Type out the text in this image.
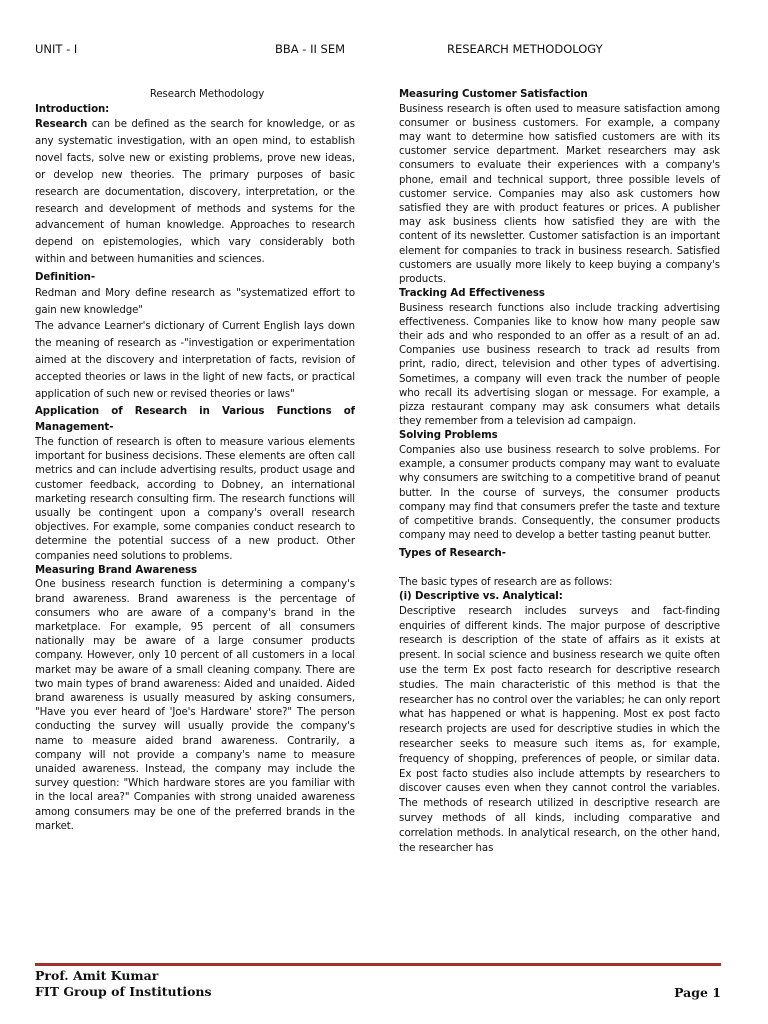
UNIT - I	BBA - II SEM	RESEARCH METHODOLOGY
Research Methodology
Introduction:

Research can be defined as the search for knowledge, or as any systematic investigation, with an open mind, to establish novel facts, solve new or existing problems, prove new ideas, or develop new theories. The primary purposes of basic research are documentation, discovery, interpretation, or the research and development of methods and systems for the advancement of human knowledge. Approaches to research depend on epistemologies, which vary considerably both within and between humanities and sciences.

Definition-

Redman and Mory define research as "systematized effort to gain new knowledge"

The advance Learner's dictionary of Current English lays down the meaning of research as -"investigation or experimentation aimed at the discovery and interpretation of facts, revision of accepted theories or laws in the light of new facts, or practical application of such new or revised theories or laws"

Application of Research in Various Functions of Management-

The function of research is often to measure various elements important for business decisions. These elements are often call metrics and can include advertising results, product usage and customer feedback, according to Dobney, an international marketing research consulting firm. The research functions will usually be contingent upon a company's overall research objectives. For example, some companies conduct research to determine the potential success of a new product. Other companies need solutions to problems.

Measuring Brand Awareness

One business research function is determining a company's brand awareness. Brand awareness is the percentage of consumers who are aware of a company's brand in the marketplace. For example, 95 percent of all consumers nationally may be aware of a large consumer products company. However, only 10 percent of all customers in a local market may be aware of a small cleaning company. There are two main types of brand awareness: Aided and unaided. Aided brand awareness is usually measured by asking consumers, "Have you ever heard of 'Joe's Hardware' store?" The person conducting the survey will usually provide the company's name to measure aided brand awareness. Contrarily, a company will not provide a company's name to measure unaided awareness. Instead, the company may include the survey question: "Which hardware stores are you familiar with in the local area?" Companies with strong unaided awareness among consumers may be one of the preferred brands in the market.

Measuring Customer Satisfaction

Business research is often used to measure satisfaction among consumer or business customers. For example, a company may want to determine how satisfied customers are with its customer service department. Market researchers may ask consumers to evaluate their experiences with a company's phone, email and technical support, three possible levels of customer service. Companies may also ask customers how satisfied they are with product features or prices. A publisher may ask business clients how satisfied they are with the content of its newsletter. Customer satisfaction is an important element for companies to track in business research. Satisfied customers are usually more likely to keep buying a company's products.

Tracking Ad Effectiveness

Business research functions also include tracking advertising effectiveness. Companies like to know how many people saw their ads and who responded to an offer as a result of an ad. Companies use business research to track ad results from print, radio, direct, television and other types of advertising. Sometimes, a company will even track the number of people who recall its advertising slogan or message. For example, a pizza restaurant company may ask consumers what details they remember from a television ad campaign.

Solving Problems

Companies also use business research to solve problems. For example, a consumer products company may want to evaluate why consumers are switching to a competitive brand of peanut butter. In the course of surveys, the consumer products company may find that consumers prefer the taste and texture of competitive brands. Consequently, the consumer products company may need to develop a better tasting peanut butter.

Types of Research-

The basic types of research are as follows:

(i) Descriptive vs. Analytical:

Descriptive research includes surveys and fact-finding enquiries of different kinds. The major purpose of descriptive research is description of the state of affairs as it exists at present. In social science and business research we quite often use the term Ex post facto research for descriptive research studies. The main characteristic of this method is that the researcher has no control over the variables; he can only report what has happened or what is happening. Most ex post facto research projects are used for descriptive studies in which the researcher seeks to measure such items as, for example, frequency of shopping, preferences of people, or similar data. Ex post facto studies also include attempts by researchers to discover causes even when they cannot control the variables. The methods of research utilized in descriptive research are survey methods of all kinds, including comparative and correlation methods. In analytical research, on the other hand, the researcher has

Prof. Amit Kumar
FIT Group of Institutions	Page 1
